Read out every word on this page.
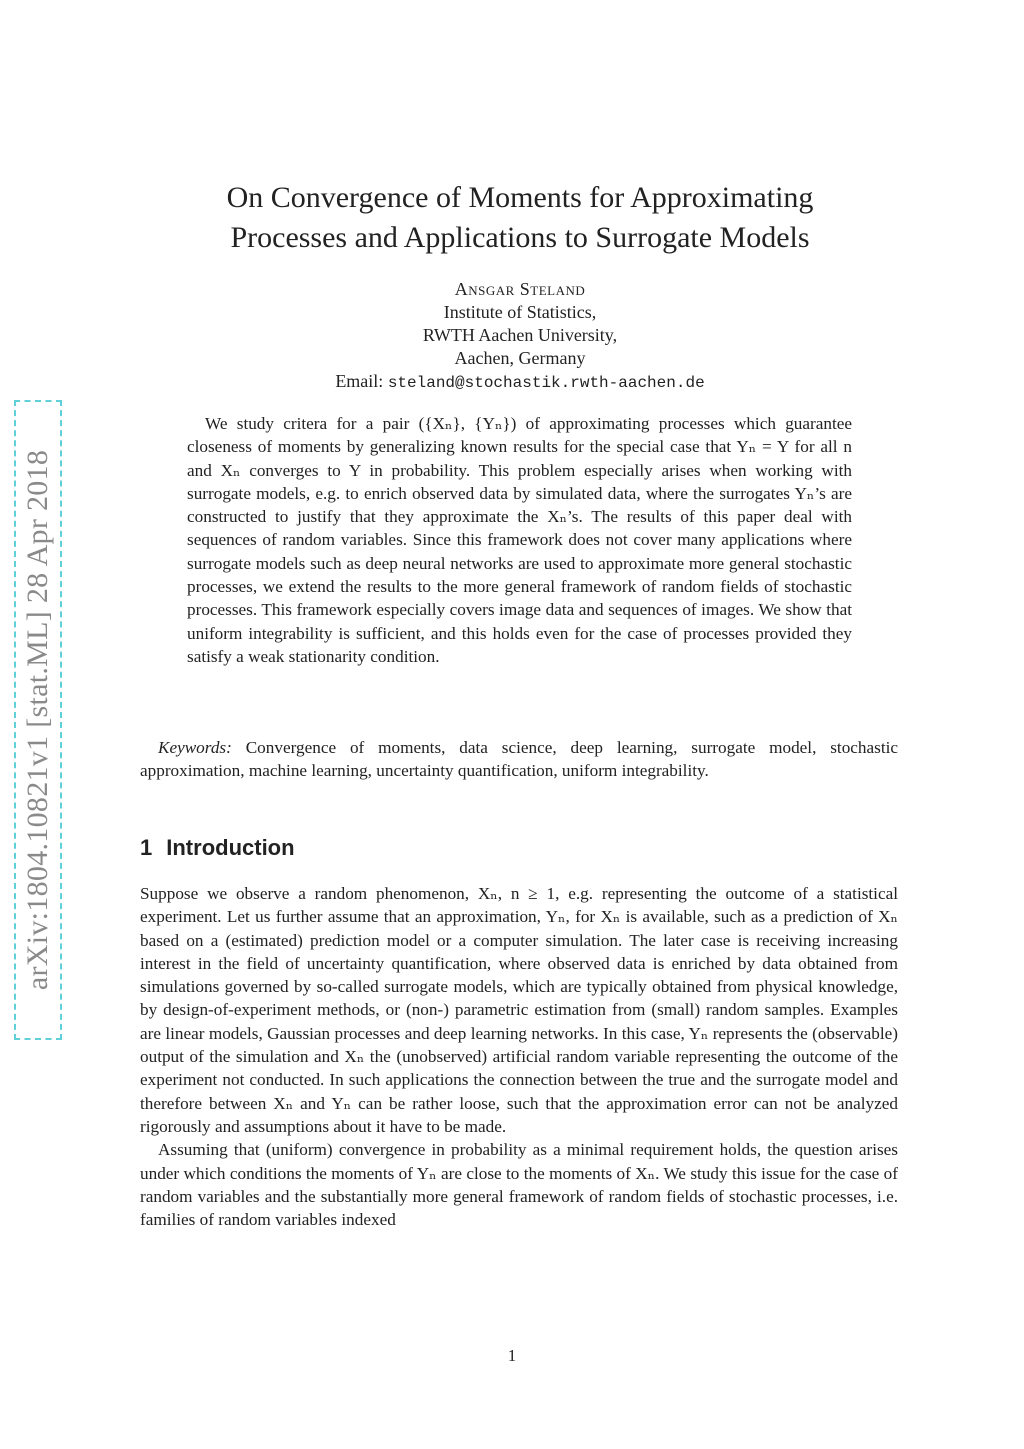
arXiv:1804.10821v1 [stat.ML] 28 Apr 2018
On Convergence of Moments for Approximating
Processes and Applications to Surrogate Models
Ansgar Steland
Institute of Statistics,
RWTH Aachen University,
Aachen, Germany
Email: steland@stochastik.rwth-aachen.de
We study critera for a pair ({Xₙ}, {Yₙ}) of approximating processes which guarantee closeness of moments by generalizing known results for the special case that Yₙ = Y for all n and Xₙ converges to Y in probability. This problem especially arises when working with surrogate models, e.g. to enrich observed data by simulated data, where the surrogates Yₙ’s are constructed to justify that they approximate the Xₙ’s. The results of this paper deal with sequences of random variables. Since this framework does not cover many applications where surrogate models such as deep neural networks are used to approximate more general stochastic processes, we extend the results to the more general framework of random fields of stochastic processes. This framework especially covers image data and sequences of images. We show that uniform integrability is sufficient, and this holds even for the case of processes provided they satisfy a weak stationarity condition.
Keywords: Convergence of moments, data science, deep learning, surrogate model, stochastic approximation, machine learning, uncertainty quantification, uniform integrability.
1 Introduction

Suppose we observe a random phenomenon, Xₙ, n ≥ 1, e.g. representing the outcome of a statistical experiment. Let us further assume that an approximation, Yₙ, for Xₙ is available, such as a prediction of Xₙ based on a (estimated) prediction model or a computer simulation. The later case is receiving increasing interest in the field of uncertainty quantification, where observed data is enriched by data obtained from simulations governed by so-called surrogate models, which are typically obtained from physical knowledge, by design-of-experiment methods, or (non-) parametric estimation from (small) random samples. Examples are linear models, Gaussian processes and deep learning networks. In this case, Yₙ represents the (observable) output of the simulation and Xₙ the (unobserved) artificial random variable representing the outcome of the experiment not conducted. In such applications the connection between the true and the surrogate model and therefore between Xₙ and Yₙ can be rather loose, such that the approximation error can not be analyzed rigorously and assumptions about it have to be made.

Assuming that (uniform) convergence in probability as a minimal requirement holds, the question arises under which conditions the moments of Yₙ are close to the moments of Xₙ. We study this issue for the case of random variables and the substantially more general framework of random fields of stochastic processes, i.e. families of random variables indexed

1
